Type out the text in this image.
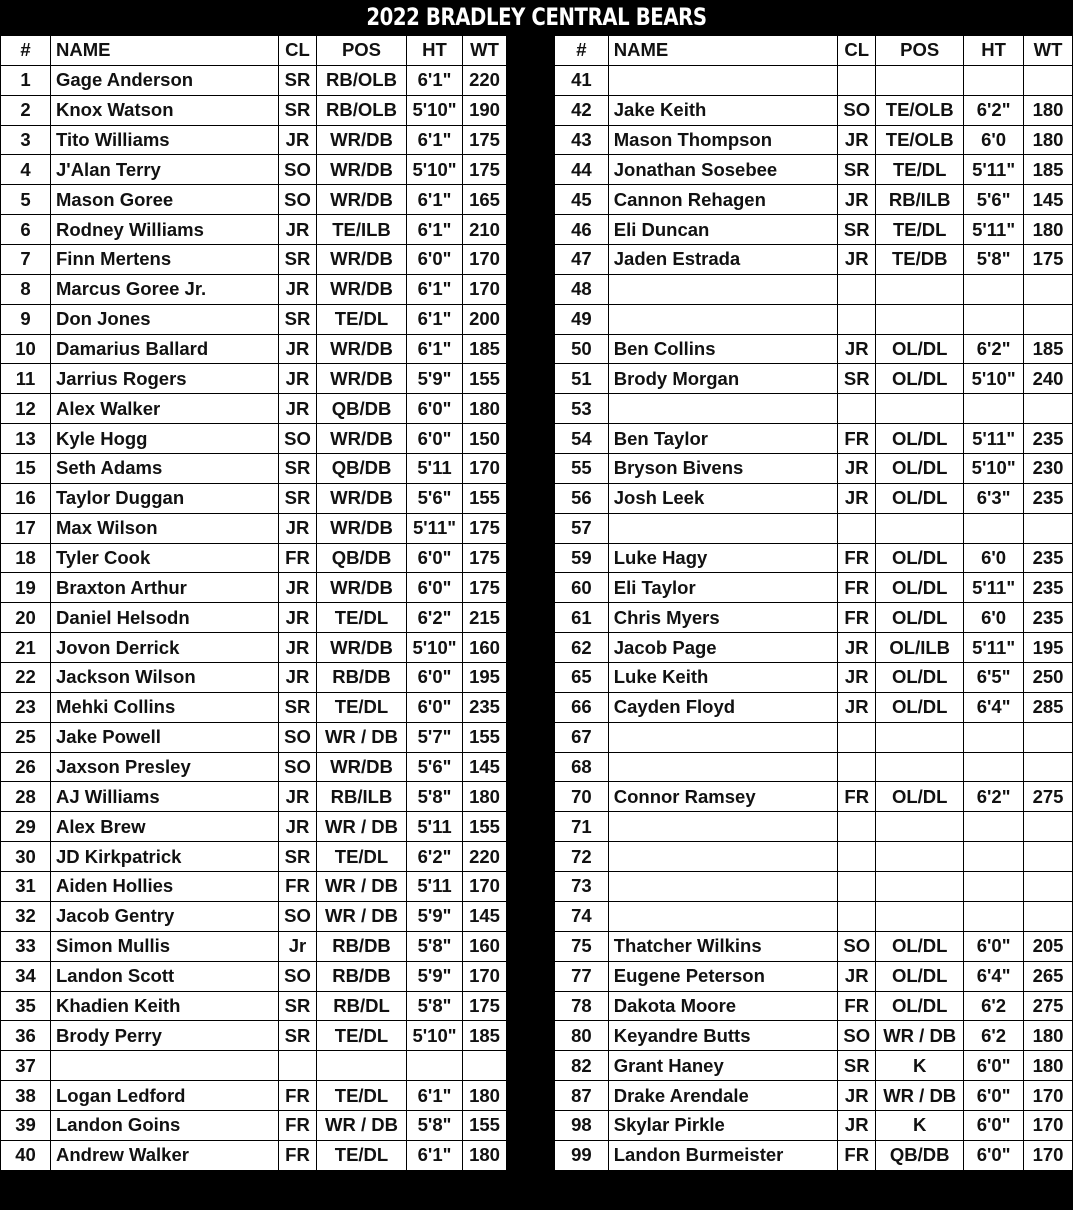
2022 BRADLEY CENTRAL BEARS
#	NAME	CL	POS	HT	WT
1	Gage Anderson	SR	RB/OLB	6'1"	220
2	Knox Watson	SR	RB/OLB	5'10"	190
3	Tito Williams	JR	WR/DB	6'1"	175
4	J'Alan Terry	SO	WR/DB	5'10"	175
5	Mason Goree	SO	WR/DB	6'1"	165
6	Rodney Williams	JR	TE/ILB	6'1"	210
7	Finn Mertens	SR	WR/DB	6'0"	170
8	Marcus Goree Jr.	JR	WR/DB	6'1"	170
9	Don Jones	SR	TE/DL	6'1"	200
10	Damarius Ballard	JR	WR/DB	6'1"	185
11	Jarrius Rogers	JR	WR/DB	5'9"	155
12	Alex Walker	JR	QB/DB	6'0"	180
13	Kyle Hogg	SO	WR/DB	6'0"	150
15	Seth Adams	SR	QB/DB	5'11	170
16	Taylor Duggan	SR	WR/DB	5'6"	155
17	Max Wilson	JR	WR/DB	5'11"	175
18	Tyler Cook	FR	QB/DB	6'0"	175
19	Braxton Arthur	JR	WR/DB	6'0"	175
20	Daniel Helsodn	JR	TE/DL	6'2"	215
21	Jovon Derrick	JR	WR/DB	5'10"	160
22	Jackson Wilson	JR	RB/DB	6'0"	195
23	Mehki Collins	SR	TE/DL	6'0"	235
25	Jake Powell	SO	WR / DB	5'7"	155
26	Jaxson Presley	SO	WR/DB	5'6"	145
28	AJ Williams	JR	RB/ILB	5'8"	180
29	Alex Brew	JR	WR / DB	5'11	155
30	JD Kirkpatrick	SR	TE/DL	6'2"	220
31	Aiden Hollies	FR	WR / DB	5'11	170
32	Jacob Gentry	SO	WR / DB	5'9"	145
33	Simon Mullis	Jr	RB/DB	5'8"	160
34	Landon Scott	SO	RB/DB	5'9"	170
35	Khadien Keith	SR	RB/DL	5'8"	175
36	Brody Perry	SR	TE/DL	5'10"	185
37					
38	Logan Ledford	FR	TE/DL	6'1"	180
39	Landon Goins	FR	WR / DB	5'8"	155
40	Andrew Walker	FR	TE/DL	6'1"	180
#	NAME	CL	POS	HT	WT
41					
42	Jake Keith	SO	TE/OLB	6'2"	180
43	Mason Thompson	JR	TE/OLB	6'0	180
44	Jonathan Sosebee	SR	TE/DL	5'11"	185
45	Cannon Rehagen	JR	RB/ILB	5'6"	145
46	Eli Duncan	SR	TE/DL	5'11"	180
47	Jaden Estrada	JR	TE/DB	5'8"	175
48					
49					
50	Ben Collins	JR	OL/DL	6'2"	185
51	Brody Morgan	SR	OL/DL	5'10"	240
53					
54	Ben Taylor	FR	OL/DL	5'11"	235
55	Bryson Bivens	JR	OL/DL	5'10"	230
56	Josh Leek	JR	OL/DL	6'3"	235
57					
59	Luke Hagy	FR	OL/DL	6'0	235
60	Eli Taylor	FR	OL/DL	5'11"	235
61	Chris Myers	FR	OL/DL	6'0	235
62	Jacob Page	JR	OL/ILB	5'11"	195
65	Luke Keith	JR	OL/DL	6'5"	250
66	Cayden Floyd	JR	OL/DL	6'4"	285
67					
68					
70	Connor Ramsey	FR	OL/DL	6'2"	275
71					
72					
73					
74					
75	Thatcher Wilkins	SO	OL/DL	6'0"	205
77	Eugene Peterson	JR	OL/DL	6'4"	265
78	Dakota Moore	FR	OL/DL	6'2	275
80	Keyandre Butts	SO	WR / DB	6'2	180
82	Grant Haney	SR	K	6'0"	180
87	Drake Arendale	JR	WR / DB	6'0"	170
98	Skylar Pirkle	JR	K	6'0"	170
99	Landon Burmeister	FR	QB/DB	6'0"	170
